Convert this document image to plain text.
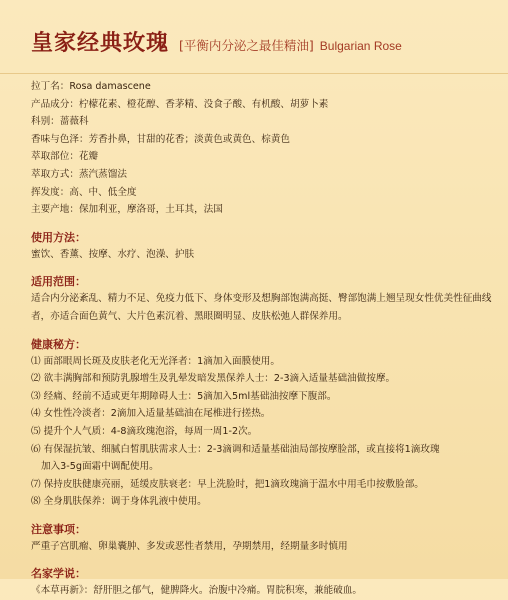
皇家经典玫瑰 [平衡内分泌之最佳精油] Bulgarian Rose
拉丁名：Rosa damascene
产品成分：柠檬花素、橙花醇、香茅精、没食子酸、有机酸、胡萝卜素
科别：蔷薇科
香味与色泽：芳香扑鼻，甘甜的花香；淡黄色或黄色、棕黄色
萃取部位：花瓣
萃取方式：蒸汽蒸馏法
挥发度：高、中、低全度
主要产地：保加利亚，摩洛哥，土耳其，法国
使用方法：
蜜饮、香薰、按摩、水疗、泡澡、护肤
适用范围：
适合内分泌紊乱、精力不足、免疫力低下、身体变形及想胸部饱满高挺、臀部饱满上翘呈现女性优美性征曲线者，亦适合面色黄气、大片色素沉着、黑眼圈明显、皮肤松弛人群保养用。
健康秘方：
⑴ 面部眼周长斑及皮肤老化无光泽者：1滴加入面膜使用。
⑵ 欲丰满胸部和预防乳腺增生及乳晕发暗发黑保养人士：2-3滴入适量基础油做按摩。
⑶ 经痛、经前不适或更年期障碍人士：5滴加入5ml基础油按摩下腹部。
⑷ 女性性冷淡者：2滴加入适量基础油在尾椎进行搓热。
⑸ 提升个人气质：4-8滴玫瑰泡浴，每周一周1-2次。
⑹ 有保湿抗皱、细腻白皙肌肤需求人士：2-3滴调和适量基础油局部按摩脸部，或直接将1滴玫瑰
加入3-5g面霜中调配使用。
⑺ 保持皮肤健康亮丽，延缓皮肤衰老：早上洗脸时，把1滴玫瑰滴于温水中用毛巾按敷脸部。
⑻ 全身肌肤保养：调于身体乳液中使用。
注意事项：
严重子宫肌瘤、卵巢囊肿、多发或恶性者禁用，孕期禁用，经期量多时慎用
名家学说：
《本草再新》：舒肝胆之郁气，健脾降火。治腹中冷痛。胃脘积寒，兼能破血。
